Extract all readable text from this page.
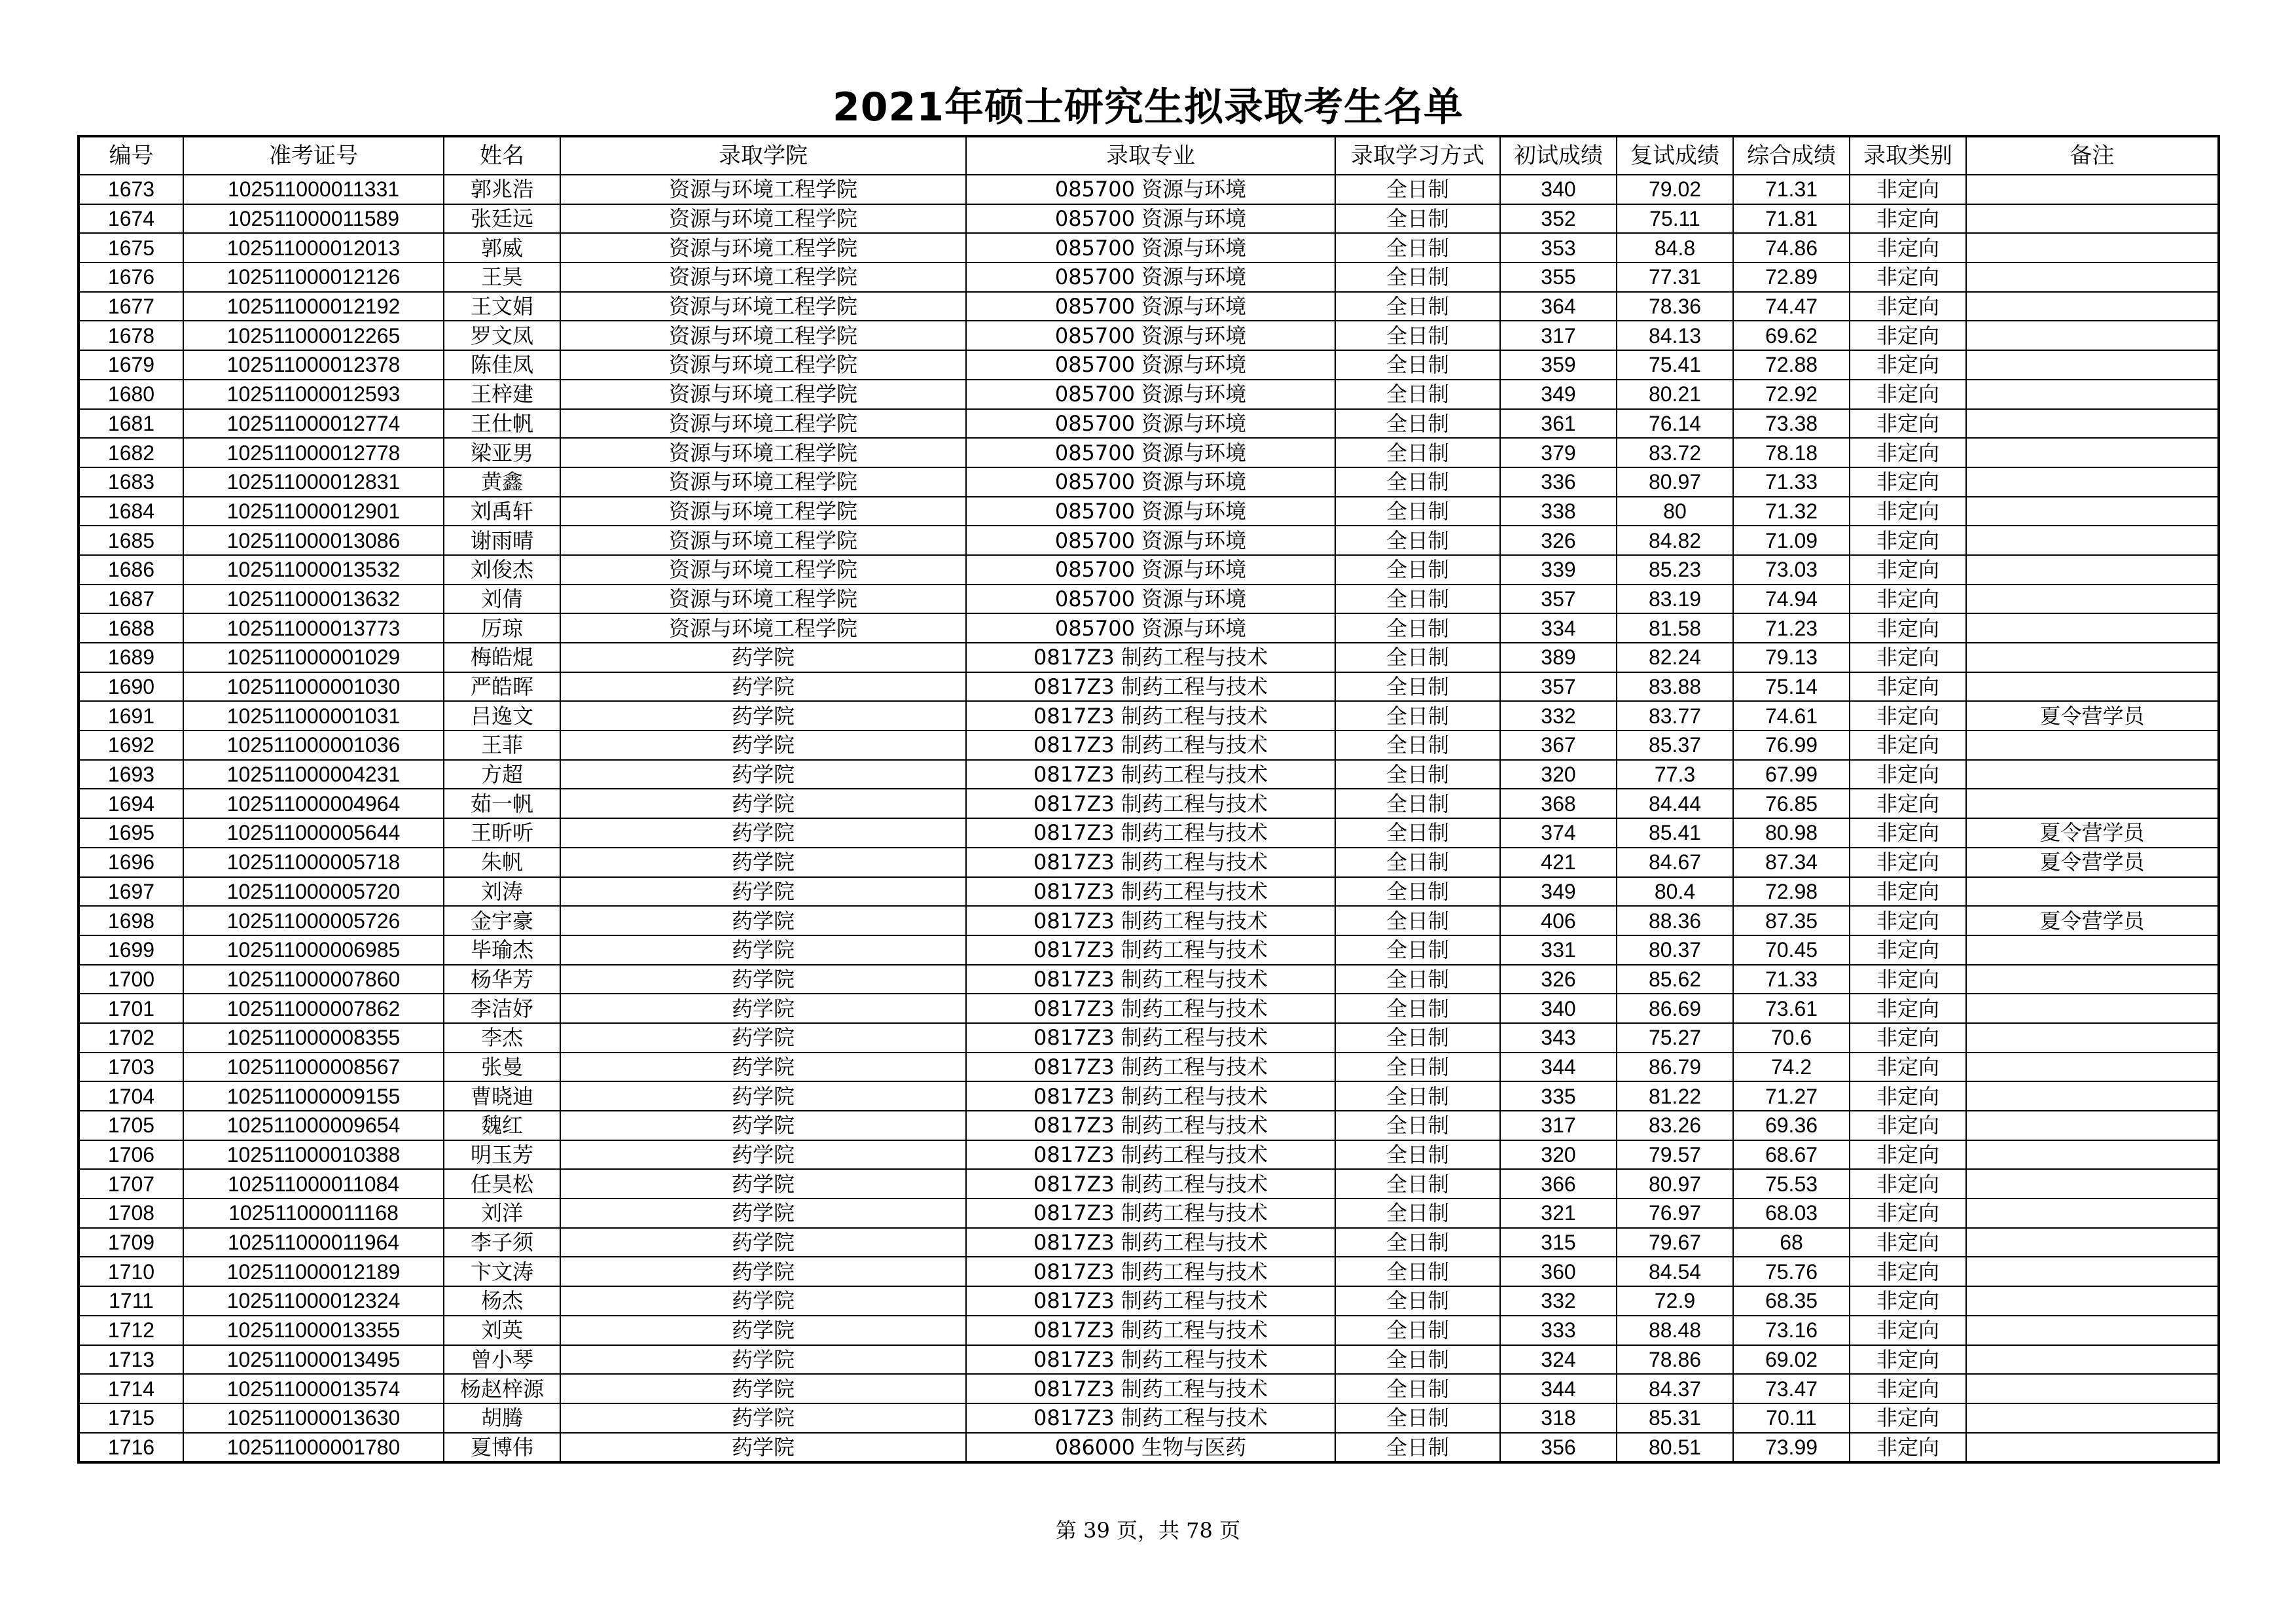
2021年硕士研究生拟录取考生名单
编号	准考证号	姓名	录取学院	录取专业	录取学习方式	初试成绩	复试成绩	综合成绩	录取类别	备注
1673	102511000011331	郭兆浩	资源与环境工程学院	085700 资源与环境	全日制	340	79.02	71.31	非定向	
1674	102511000011589	张廷远	资源与环境工程学院	085700 资源与环境	全日制	352	75.11	71.81	非定向	
1675	102511000012013	郭威	资源与环境工程学院	085700 资源与环境	全日制	353	84.8	74.86	非定向	
1676	102511000012126	王昊	资源与环境工程学院	085700 资源与环境	全日制	355	77.31	72.89	非定向	
1677	102511000012192	王文娟	资源与环境工程学院	085700 资源与环境	全日制	364	78.36	74.47	非定向	
1678	102511000012265	罗文凤	资源与环境工程学院	085700 资源与环境	全日制	317	84.13	69.62	非定向	
1679	102511000012378	陈佳凤	资源与环境工程学院	085700 资源与环境	全日制	359	75.41	72.88	非定向	
1680	102511000012593	王梓建	资源与环境工程学院	085700 资源与环境	全日制	349	80.21	72.92	非定向	
1681	102511000012774	王仕帆	资源与环境工程学院	085700 资源与环境	全日制	361	76.14	73.38	非定向	
1682	102511000012778	梁亚男	资源与环境工程学院	085700 资源与环境	全日制	379	83.72	78.18	非定向	
1683	102511000012831	黄鑫	资源与环境工程学院	085700 资源与环境	全日制	336	80.97	71.33	非定向	
1684	102511000012901	刘禹轩	资源与环境工程学院	085700 资源与环境	全日制	338	80	71.32	非定向	
1685	102511000013086	谢雨晴	资源与环境工程学院	085700 资源与环境	全日制	326	84.82	71.09	非定向	
1686	102511000013532	刘俊杰	资源与环境工程学院	085700 资源与环境	全日制	339	85.23	73.03	非定向	
1687	102511000013632	刘倩	资源与环境工程学院	085700 资源与环境	全日制	357	83.19	74.94	非定向	
1688	102511000013773	厉琼	资源与环境工程学院	085700 资源与环境	全日制	334	81.58	71.23	非定向	
1689	102511000001029	梅皓焜	药学院	0817Z3 制药工程与技术	全日制	389	82.24	79.13	非定向	
1690	102511000001030	严皓晖	药学院	0817Z3 制药工程与技术	全日制	357	83.88	75.14	非定向	
1691	102511000001031	吕逸文	药学院	0817Z3 制药工程与技术	全日制	332	83.77	74.61	非定向	夏令营学员
1692	102511000001036	王菲	药学院	0817Z3 制药工程与技术	全日制	367	85.37	76.99	非定向	
1693	102511000004231	方超	药学院	0817Z3 制药工程与技术	全日制	320	77.3	67.99	非定向	
1694	102511000004964	茹一帆	药学院	0817Z3 制药工程与技术	全日制	368	84.44	76.85	非定向	
1695	102511000005644	王昕听	药学院	0817Z3 制药工程与技术	全日制	374	85.41	80.98	非定向	夏令营学员
1696	102511000005718	朱帆	药学院	0817Z3 制药工程与技术	全日制	421	84.67	87.34	非定向	夏令营学员
1697	102511000005720	刘涛	药学院	0817Z3 制药工程与技术	全日制	349	80.4	72.98	非定向	
1698	102511000005726	金宇豪	药学院	0817Z3 制药工程与技术	全日制	406	88.36	87.35	非定向	夏令营学员
1699	102511000006985	毕瑜杰	药学院	0817Z3 制药工程与技术	全日制	331	80.37	70.45	非定向	
1700	102511000007860	杨华芳	药学院	0817Z3 制药工程与技术	全日制	326	85.62	71.33	非定向	
1701	102511000007862	李洁妤	药学院	0817Z3 制药工程与技术	全日制	340	86.69	73.61	非定向	
1702	102511000008355	李杰	药学院	0817Z3 制药工程与技术	全日制	343	75.27	70.6	非定向	
1703	102511000008567	张曼	药学院	0817Z3 制药工程与技术	全日制	344	86.79	74.2	非定向	
1704	102511000009155	曹晓迪	药学院	0817Z3 制药工程与技术	全日制	335	81.22	71.27	非定向	
1705	102511000009654	魏红	药学院	0817Z3 制药工程与技术	全日制	317	83.26	69.36	非定向	
1706	102511000010388	明玉芳	药学院	0817Z3 制药工程与技术	全日制	320	79.57	68.67	非定向	
1707	102511000011084	任昊松	药学院	0817Z3 制药工程与技术	全日制	366	80.97	75.53	非定向	
1708	102511000011168	刘洋	药学院	0817Z3 制药工程与技术	全日制	321	76.97	68.03	非定向	
1709	102511000011964	李子须	药学院	0817Z3 制药工程与技术	全日制	315	79.67	68	非定向	
1710	102511000012189	卞文涛	药学院	0817Z3 制药工程与技术	全日制	360	84.54	75.76	非定向	
1711	102511000012324	杨杰	药学院	0817Z3 制药工程与技术	全日制	332	72.9	68.35	非定向	
1712	102511000013355	刘英	药学院	0817Z3 制药工程与技术	全日制	333	88.48	73.16	非定向	
1713	102511000013495	曾小琴	药学院	0817Z3 制药工程与技术	全日制	324	78.86	69.02	非定向	
1714	102511000013574	杨赵梓源	药学院	0817Z3 制药工程与技术	全日制	344	84.37	73.47	非定向	
1715	102511000013630	胡腾	药学院	0817Z3 制药工程与技术	全日制	318	85.31	70.11	非定向	
1716	102511000001780	夏博伟	药学院	086000 生物与医药	全日制	356	80.51	73.99	非定向	
第 39 页，共 78 页
